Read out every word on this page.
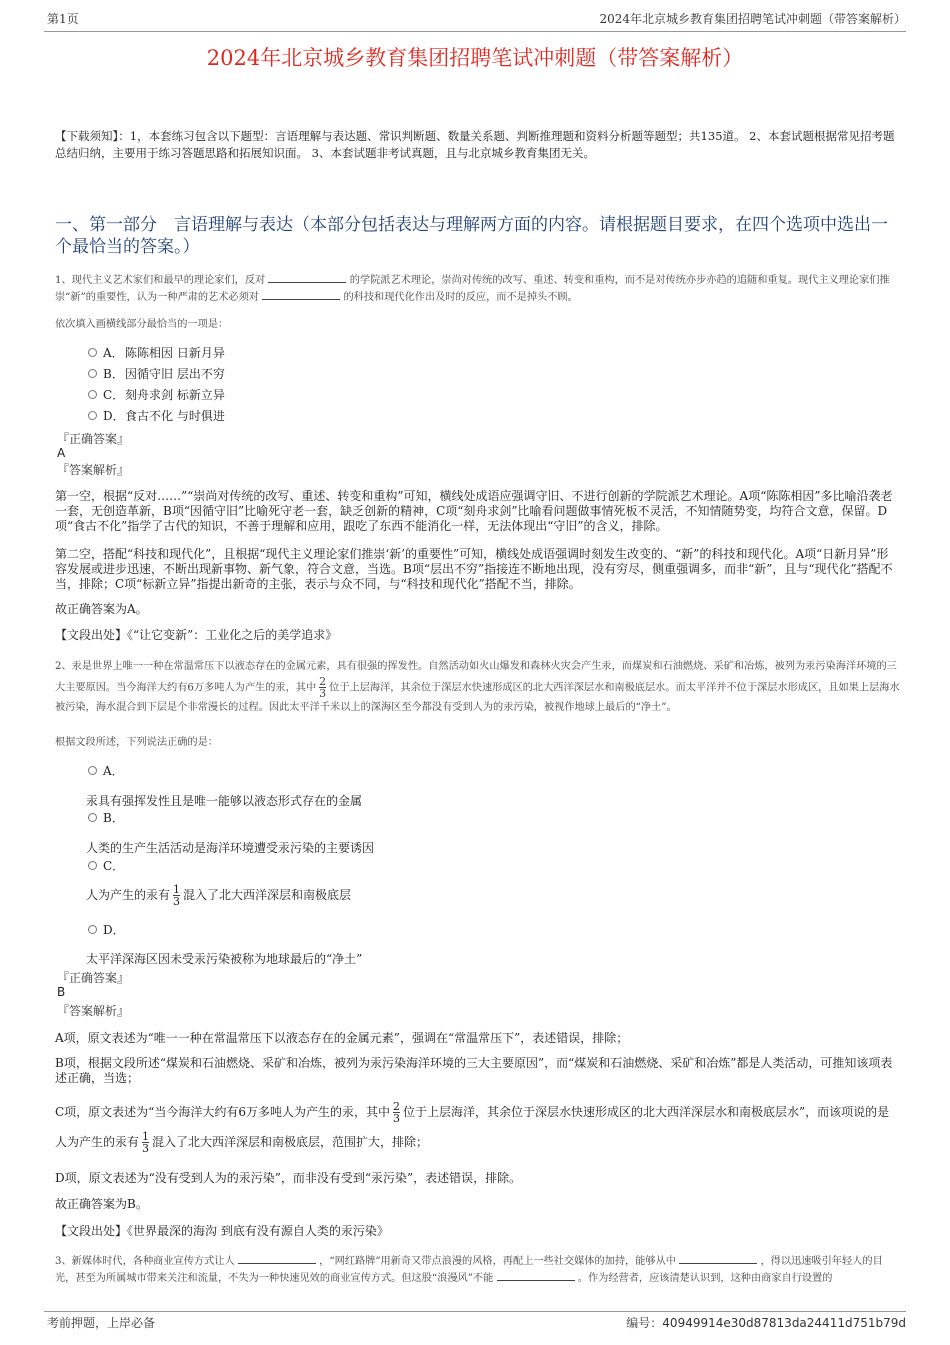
第1页	2024年北京城乡教育集团招聘笔试冲刺题（带答案解析）
2024年北京城乡教育集团招聘笔试冲刺题（带答案解析）
【下载须知】：1，本套练习包含以下题型：言语理解与表达题、常识判断题、数量关系题、判断推理题和资料分析题等题型；共135道。 2、本套试题根据常见招考题总结归纳，主要用于练习答题思路和拓展知识面。 3、本套试题非考试真题，且与北京城乡教育集团无关。
一、第一部分　言语理解与表达（本部分包括表达与理解两方面的内容。请根据题目要求，在四个选项中选出一个最恰当的答案。）
1、现代主义艺术家们和最早的理论家们，反对	的学院派艺术理论，崇尚对传统的改写、重述、转变和重构，而不是对传统亦步亦趋的追随和重复。现代主义理论家们推崇“新”的重要性，认为一种严肃的艺术必须对	的科技和现代化作出及时的反应，而不是掉头不顾。
依次填入画横线部分最恰当的一项是：
A．陈陈相因 日新月异
B．因循守旧 层出不穷
C．刻舟求剑 标新立异
D．食古不化 与时俱进
『正确答案』
A
『答案解析』
第一空，根据“反对……”“崇尚对传统的改写、重述、转变和重构”可知，横线处成语应强调守旧、不进行创新的学院派艺术理论。A项“陈陈相因”多比喻沿袭老一套，无创造革新，B项“因循守旧”比喻死守老一套，缺乏创新的精神，C项“刻舟求剑”比喻看问题做事情死板不灵活，不知情随势变，均符合文意，保留。D项“食古不化”指学了古代的知识，不善于理解和应用，跟吃了东西不能消化一样，无法体现出“守旧”的含义，排除。
第二空，搭配“科技和现代化”，且根据“现代主义理论家们推崇‘新’的重要性”可知，横线处成语强调时刻发生改变的、“新”的科技和现代化。A项“日新月异”形容发展或进步迅速，不断出现新事物、新气象，符合文意，当选。B项“层出不穷”指接连不断地出现，没有穷尽，侧重强调多，而非“新”，且与“现代化”搭配不当，排除；C项“标新立异”指提出新奇的主张，表示与众不同，与“科技和现代化”搭配不当，排除。
故正确答案为A。
【文段出处】《“让它变新”：工业化之后的美学追求》
2、汞是世界上唯一一种在常温常压下以液态存在的金属元素，具有很强的挥发性。自然活动如火山爆发和森林火灾会产生汞，而煤炭和石油燃烧、采矿和冶炼，被列为汞污染海洋环境的三大主要原因。当今海洋大约有6万多吨人为产生的汞，其中 $\frac{2}{3}$ 位于上层海洋，其余位于深层水快速形成区的北大西洋深层水和南极底层水。而太平洋并不位于深层水形成区，且如果上层海水被污染，海水混合到下层是个非常漫长的过程。因此太平洋千米以上的深海区至今都没有受到人为的汞污染，被视作地球上最后的“净土”。
根据文段所述，下列说法正确的是：
A．
汞具有强挥发性且是唯一能够以液态形式存在的金属
B．
人类的生产生活活动是海洋环境遭受汞污染的主要诱因
C．
人为产生的汞有 $\frac{1}{3}$ 混入了北大西洋深层和南极底层
D．
太平洋深海区因未受汞污染被称为地球最后的“净土”
『正确答案』
B
『答案解析』
A项，原文表述为“唯一一种在常温常压下以液态存在的金属元素”，强调在“常温常压下”，表述错误，排除；
B项，根据文段所述“煤炭和石油燃烧、采矿和冶炼，被列为汞污染海洋环境的三大主要原因”，而“煤炭和石油燃烧、采矿和冶炼”都是人类活动，可推知该项表述正确，当选；
C项，原文表述为“当今海洋大约有6万多吨人为产生的汞，其中 $\frac{2}{3}$ 位于上层海洋，其余位于深层水快速形成区的北大西洋深层水和南极底层水”，而该项说的是人为产生的汞有 $\frac{1}{3}$ 混入了北大西洋深层和南极底层，范围扩大，排除；
D项，原文表述为“没有受到人为的汞污染”，而非没有受到“汞污染”，表述错误，排除。
故正确答案为B。
【文段出处】《世界最深的海沟 到底有没有源自人类的汞污染》
3、新媒体时代，各种商业宣传方式让人	，“网红路牌”用新奇又带点浪漫的风格，再配上一些社交媒体的加持，能够从中	，得以迅速吸引年轻人的目光，甚至为所属城市带来关注和流量，不失为一种快速见效的商业宣传方式。但这股“浪漫风”不能	。作为经营者，应该清楚认识到，这种由商家自行设置的
考前押题，上岸必备	编号：40949914e30d87813da24411d751b79d
